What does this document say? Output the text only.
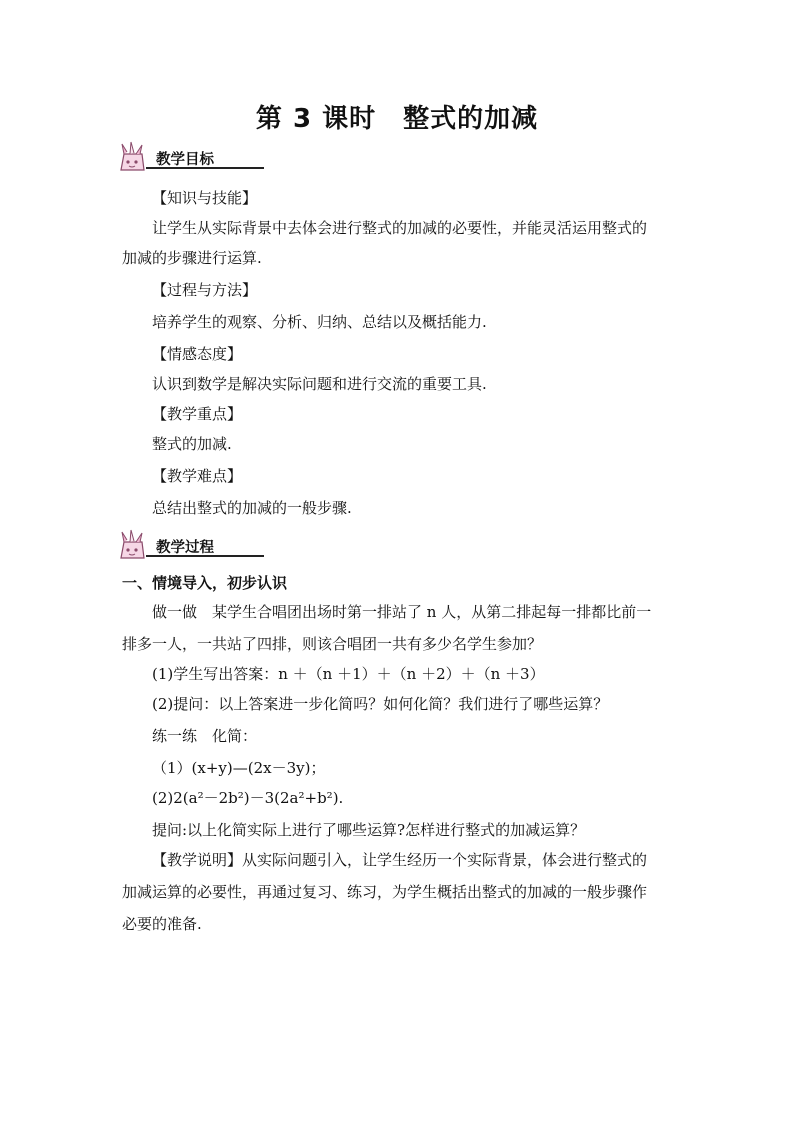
第 3 课时　整式的加减
教学目标
【知识与技能】
让学生从实际背景中去体会进行整式的加减的必要性，并能灵活运用整式的
加减的步骤进行运算.
【过程与方法】
培养学生的观察、分析、归纳、总结以及概括能力.
【情感态度】
认识到数学是解决实际问题和进行交流的重要工具.
【教学重点】
整式的加减.
【教学难点】
总结出整式的加减的一般步骤.
教学过程
一、情境导入，初步认识
做一做　某学生合唱团出场时第一排站了 n 人，从第二排起每一排都比前一
排多一人，一共站了四排，则该合唱团一共有多少名学生参加？
(1)学生写出答案：n ＋（n ＋1）＋（n ＋2）＋（n ＋3）
(2)提问：以上答案进一步化简吗？如何化简？我们进行了哪些运算？
练一练　化简：
（1）(x+y)—(2x－3y)；
(2)2(a²－2b²)－3(2a²+b²).
提问:以上化简实际上进行了哪些运算?怎样进行整式的加减运算？
【教学说明】从实际问题引入，让学生经历一个实际背景，体会进行整式的
加减运算的必要性，再通过复习、练习，为学生概括出整式的加减的一般步骤作
必要的准备.
